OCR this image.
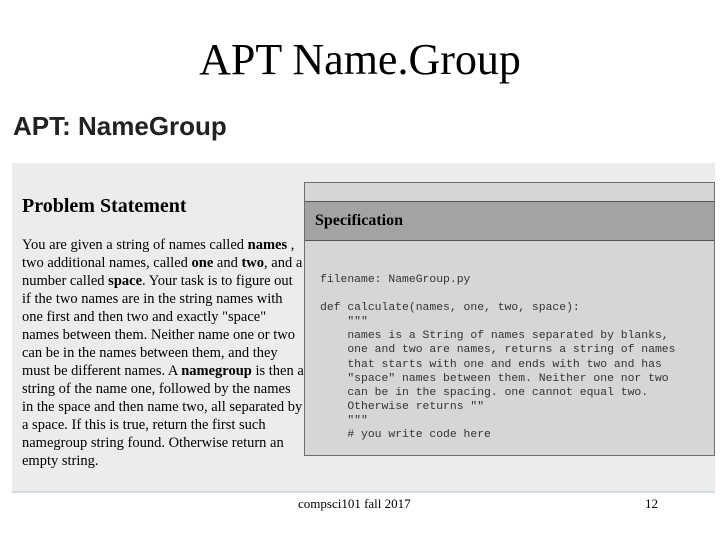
APT Name.Group
APT: NameGroup
Problem Statement
You are given a string of names called names , two additional names, called one and two, and a number called space. Your task is to figure out if the two names are in the string names with one first and then two and exactly "space" names between them. Neither name one or two can be in the names between them, and they must be different names. A namegroup is then a string of the name one, followed by the names in the space and then name two, all separated by a space. If this is true, return the first such namegroup string found. Otherwise return an empty string.
Specification
filename: NameGroup.py

def calculate(names, one, two, space):
"""
names is a String of names separated by blanks,
one and two are names, returns a string of names
that starts with one and ends with two and has
"space" names between them. Neither one nor two
can be in the spacing. one cannot equal two.
Otherwise returns ""
"""
# you write code here
compsci101 fall 2017	12
